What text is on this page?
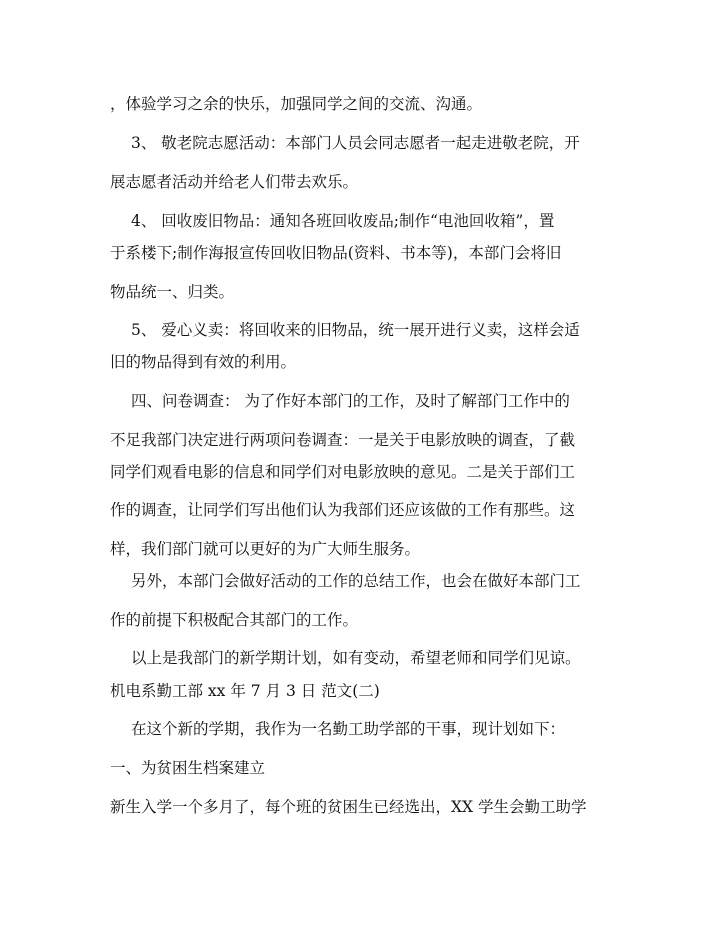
，体验学习之余的快乐，加强同学之间的交流、沟通。
3、 敬老院志愿活动：本部门人员会同志愿者一起走进敬老院，开
展志愿者活动并给老人们带去欢乐。
4、 回收废旧物品：通知各班回收废品;制作“电池回收箱”，置
于系楼下;制作海报宣传回收旧物品(资料、书本等)，本部门会将旧
物品统一、归类。
5、 爱心义卖：将回收来的旧物品，统一展开进行义卖，这样会适
旧的物品得到有效的利用。
四、问卷调查： 为了作好本部门的工作，及时了解部门工作中的
不足我部门决定进行两项问卷调查：一是关于电影放映的调查，了截
同学们观看电影的信息和同学们对电影放映的意见。二是关于部们工
作的调查，让同学们写出他们认为我部们还应该做的工作有那些。这
样，我们部门就可以更好的为广大师生服务。
另外，本部门会做好活动的工作的总结工作，也会在做好本部门工
作的前提下积极配合其部门的工作。
以上是我部门的新学期计划，如有变动，希望老师和同学们见谅。
机电系勤工部 xx 年 7 月 3 日 范文(二)
在这个新的学期，我作为一名勤工助学部的干事，现计划如下：
一、为贫困生档案建立
新生入学一个多月了，每个班的贫困生已经选出，XX 学生会勤工助学
